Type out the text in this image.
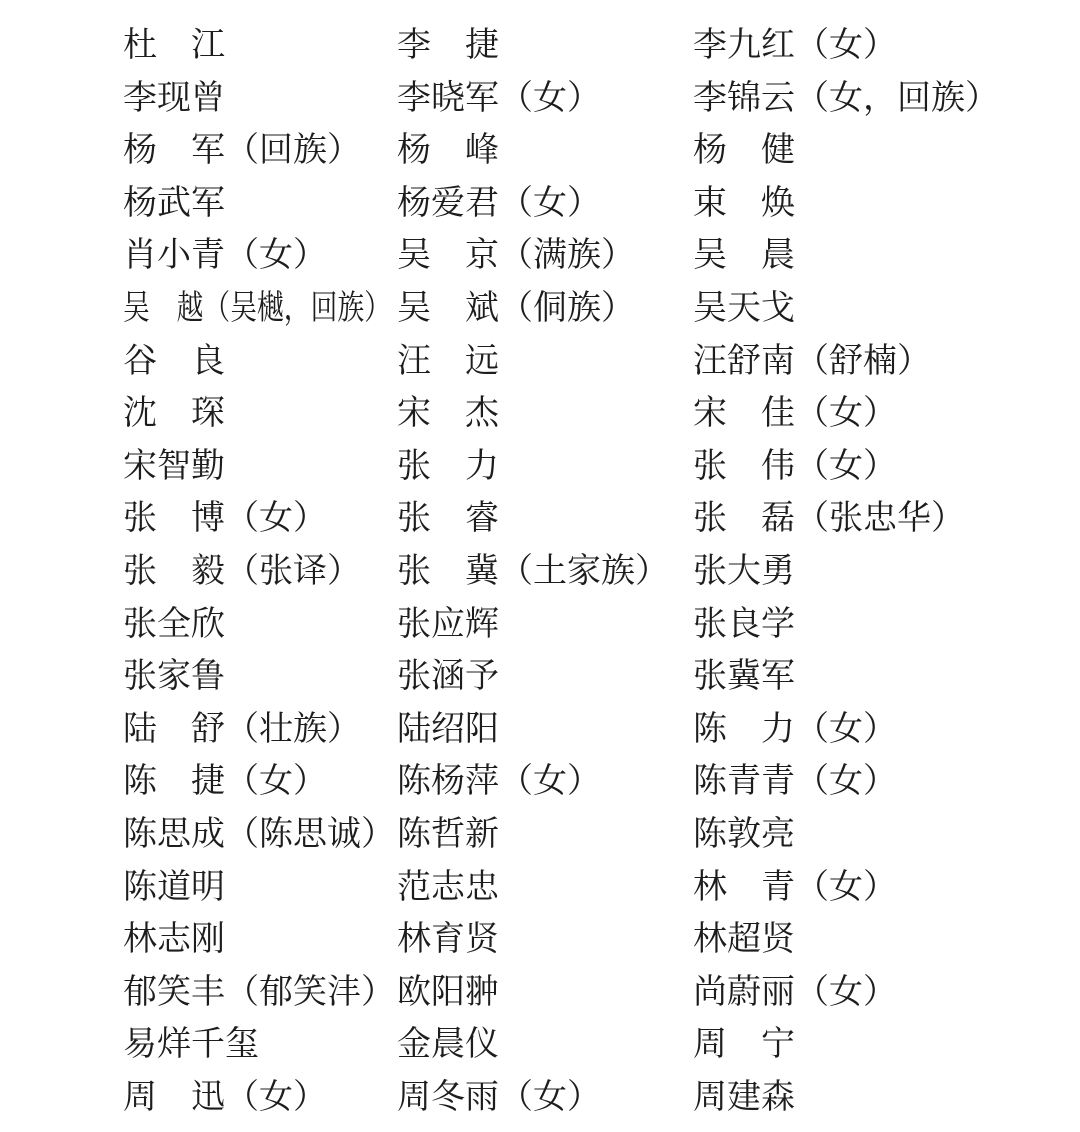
杜　江	李　捷	李九红（女）
李现曾	李晓军（女）	李锦云（女，回族）
杨　军（回族）	杨　峰	杨　健
杨武军	杨爱君（女）	束　焕
肖小青（女）	吴　京（满族）	吴　晨
吴　越（吴樾，回族） 吴　斌（侗族）	吴天戈
谷　良	汪　远	汪舒南（舒楠）
沈　琛	宋　杰	宋　佳（女）
宋智勤	张　力	张　伟（女）
张　博（女）	张　睿	张　磊（张忠华）
张　毅（张译）	张　冀（土家族） 张大勇
张全欣	张应辉	张良学
张家鲁	张涵予	张冀军
陆　舒（壮族）	陆绍阳	陈　力（女）
陈　捷（女）	陈杨萍（女）	陈青青（女）
陈思成（陈思诚） 陈哲新	陈敦亮
陈道明	范志忠	林　青（女）
林志刚	林育贤	林超贤
郁笑丰（郁笑沣） 欧阳翀	尚蔚丽（女）
易烊千玺	金晨仪	周　宁
周　迅（女）	周冬雨（女）	周建森
